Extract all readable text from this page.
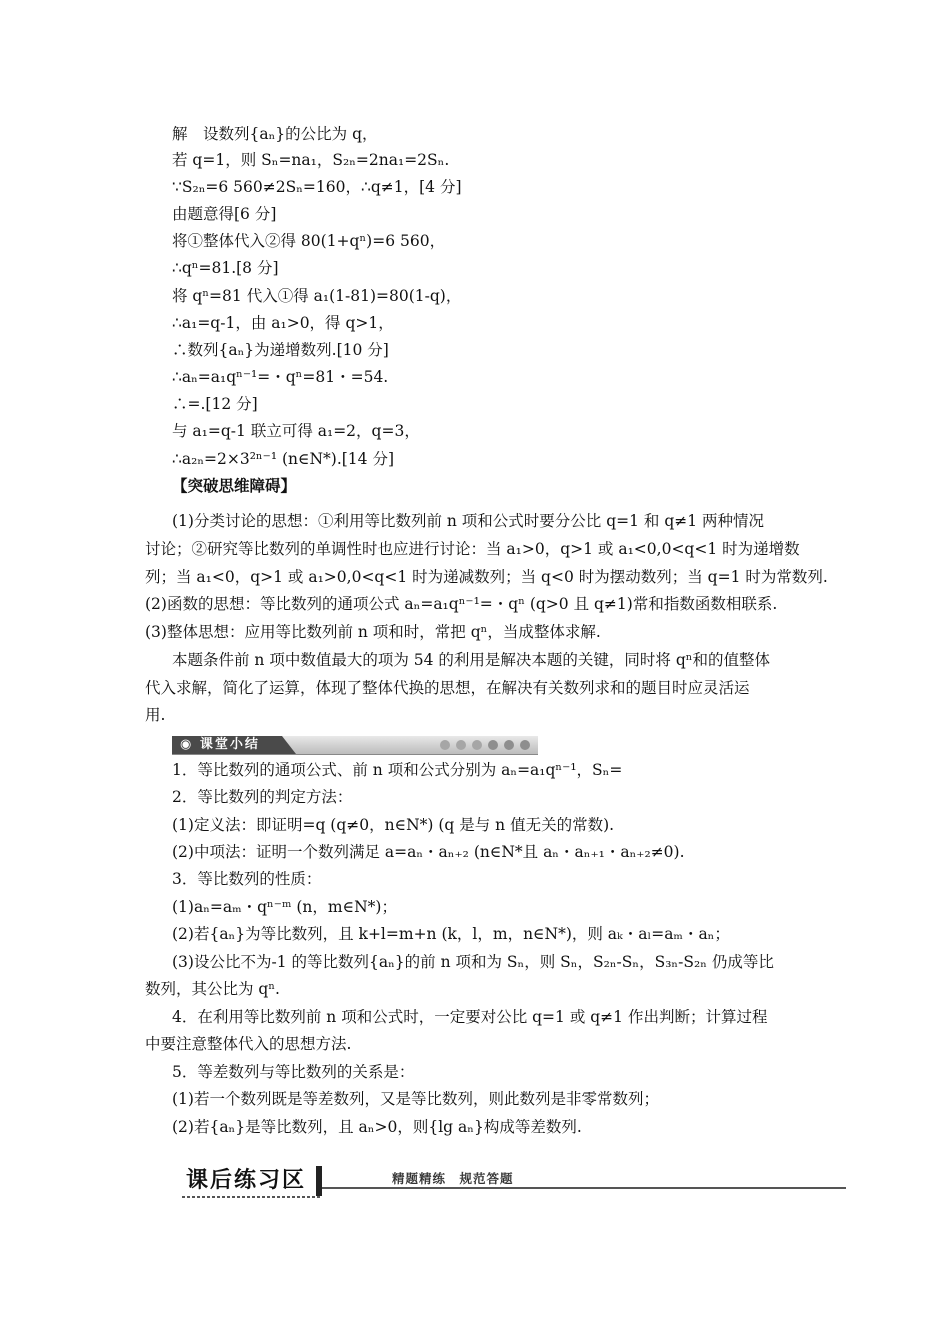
解　设数列{aₙ}的公比为 q，
若 q=1，则 Sₙ=na₁，S₂ₙ=2na₁=2Sₙ.
∵S₂ₙ=6 560≠2Sₙ=160，∴q≠1，[4 分]
由题意得[6 分]
将①整体代入②得 80(1+qⁿ)=6 560，
∴qⁿ=81.[8 分]
将 qⁿ=81 代入①得 a₁(1-81)=80(1-q)，
∴a₁=q-1，由 a₁>0，得 q>1，
∴数列{aₙ}为递增数列.[10 分]
∴aₙ=a₁qⁿ⁻¹=・qⁿ=81・=54.
∴=.[12 分]
与 a₁=q-1 联立可得 a₁=2，q=3，
∴a₂ₙ=2×3²ⁿ⁻¹ (n∈N*).[14 分]
【突破思维障碍】
(1)分类讨论的思想：①利用等比数列前 n 项和公式时要分公比 q=1 和 q≠1 两种情况
讨论；②研究等比数列的单调性时也应进行讨论：当 a₁>0，q>1 或 a₁<0,0<q<1 时为递增数
列；当 a₁<0，q>1 或 a₁>0,0<q<1 时为递减数列；当 q<0 时为摆动数列；当 q=1 时为常数列.
(2)函数的思想：等比数列的通项公式 aₙ=a₁qⁿ⁻¹=・qⁿ (q>0 且 q≠1)常和指数函数相联系.
(3)整体思想：应用等比数列前 n 项和时，常把 qⁿ，当成整体求解.
本题条件前 n 项中数值最大的项为 54 的利用是解决本题的关键，同时将 qⁿ和的值整体
代入求解，简化了运算，体现了整体代换的思想，在解决有关数列求和的题目时应灵活运
用.
◉ 课堂小结
1．等比数列的通项公式、前 n 项和公式分别为 aₙ=a₁qⁿ⁻¹，Sₙ=
2．等比数列的判定方法：
(1)定义法：即证明=q (q≠0，n∈N*) (q 是与 n 值无关的常数).
(2)中项法：证明一个数列满足 a=aₙ・aₙ₊₂ (n∈N*且 aₙ・aₙ₊₁・aₙ₊₂≠0).
3．等比数列的性质：
(1)aₙ=aₘ・qⁿ⁻ᵐ (n，m∈N*)；
(2)若{aₙ}为等比数列，且 k+l=m+n (k，l，m，n∈N*)，则 aₖ・aₗ=aₘ・aₙ；
(3)设公比不为-1 的等比数列{aₙ}的前 n 项和为 Sₙ，则 Sₙ，S₂ₙ-Sₙ，S₃ₙ-S₂ₙ 仍成等比
数列，其公比为 qⁿ.
4．在利用等比数列前 n 项和公式时，一定要对公比 q=1 或 q≠1 作出判断；计算过程
中要注意整体代入的思想方法.
5．等差数列与等比数列的关系是：
(1)若一个数列既是等差数列，又是等比数列，则此数列是非零常数列；
(2)若{aₙ}是等比数列，且 aₙ>0，则{lg aₙ}构成等差数列.
课后练习区	精题精练　规范答题
